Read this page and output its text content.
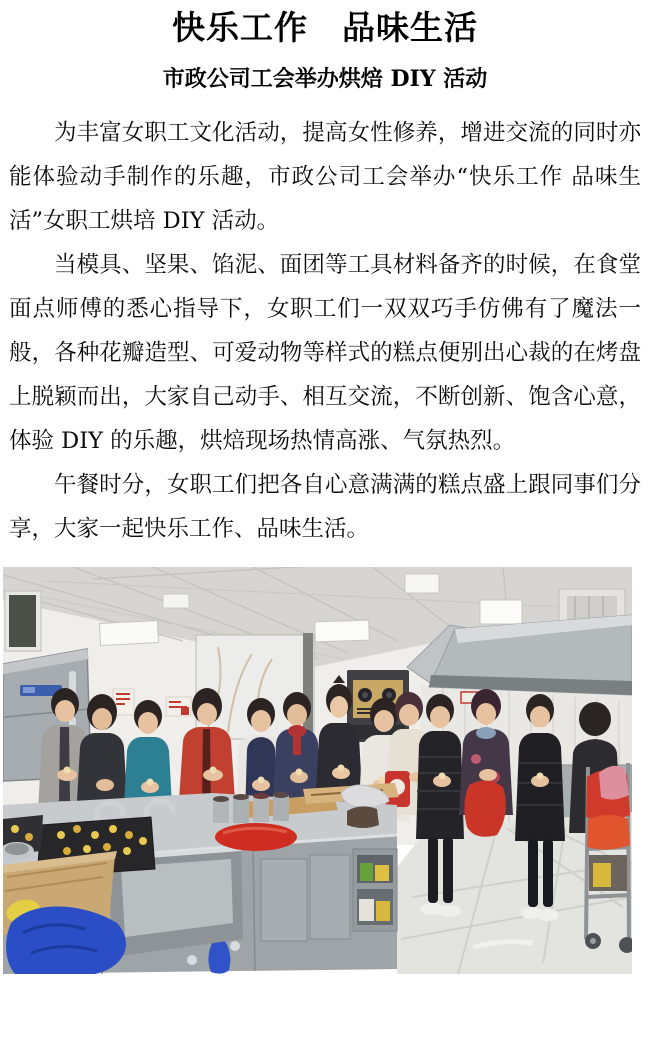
快乐工作　品味生活
市政公司工会举办烘焙 DIY 活动

为丰富女职工文化活动，提高女性修养，增进交流的同时亦能体验动手制作的乐趣，市政公司工会举办“快乐工作 品味生活”女职工烘培 DIY 活动。

当模具、坚果、馅泥、面团等工具材料备齐的时候，在食堂面点师傅的悉心指导下，女职工们一双双巧手仿佛有了魔法一般，各种花瓣造型、可爱动物等样式的糕点便别出心裁的在烤盘上脱颖而出，大家自己动手、相互交流，不断创新、饱含心意，体验 DIY 的乐趣，烘焙现场热情高涨、气氛热烈。

午餐时分，女职工们把各自心意满满的糕点盛上跟同事们分享，大家一起快乐工作、品味生活。
